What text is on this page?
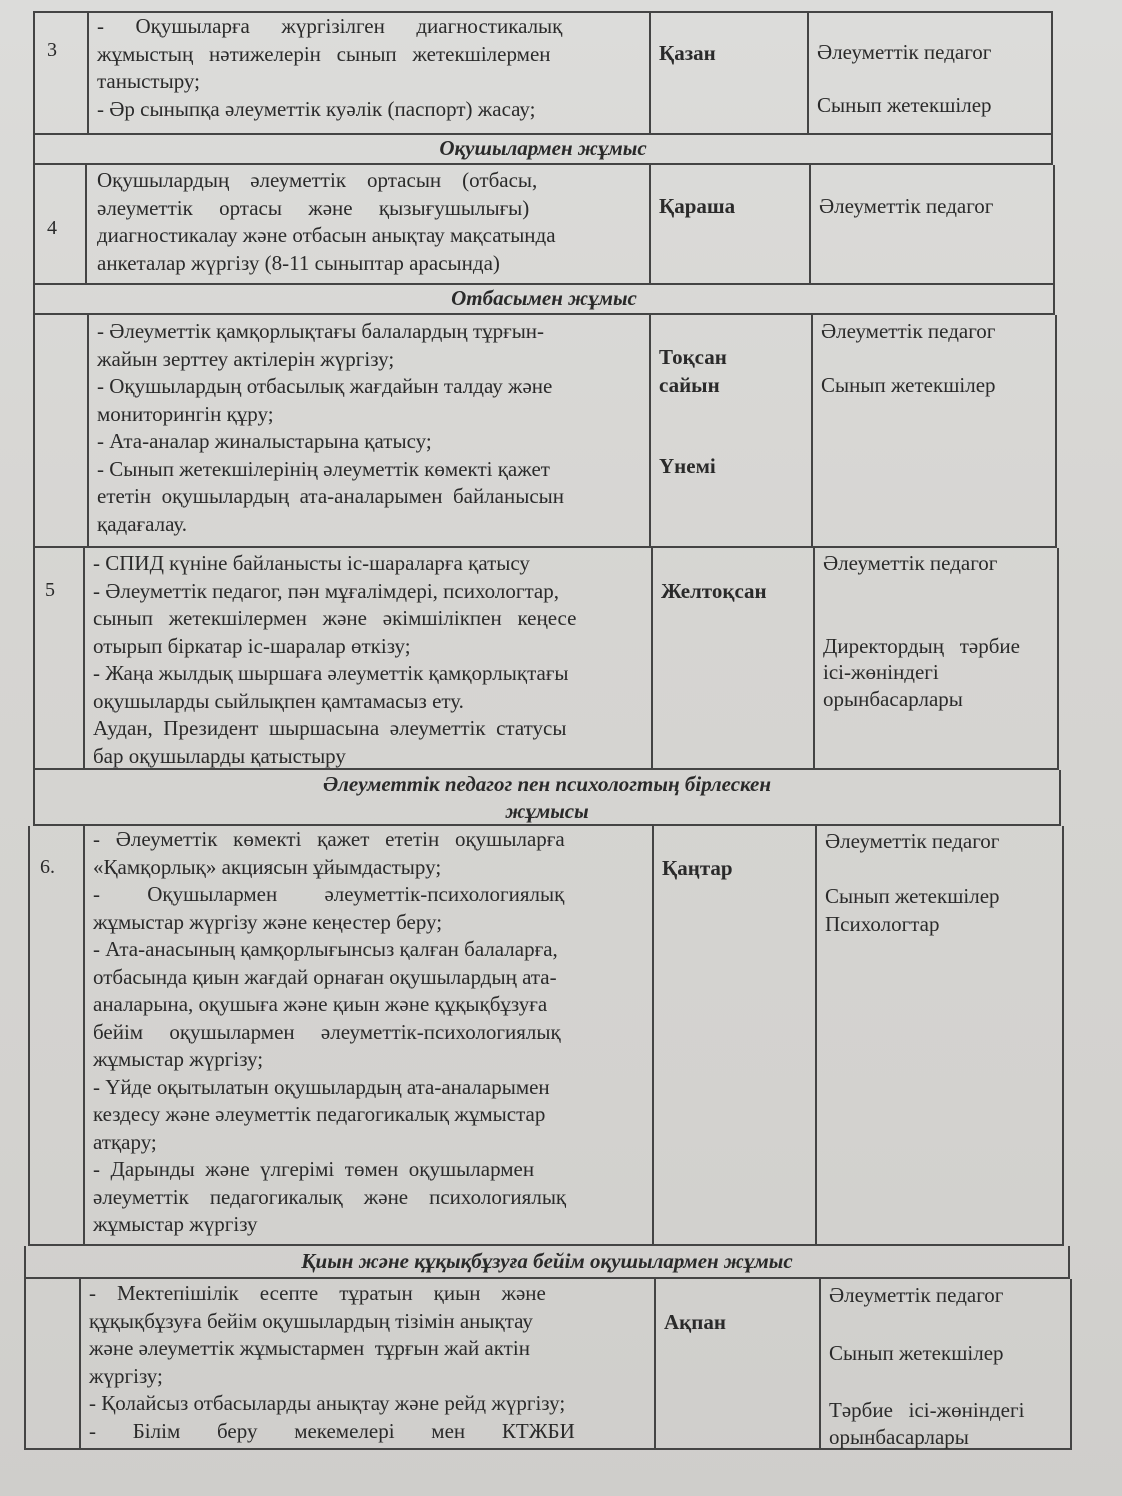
3

-      Оқушыларға      жүргізілген      диагностикалық

жұмыстың   нәтижелерін   сынып   жетекшілермен

таныстыру;

- Әр сыныпқа әлеуметтік куәлік (паспорт) жасау;

Қазан	Әлеуметтік педагог

Сынып жетекшілер

Оқушылармен жұмыс
4

Оқушылардың    әлеуметтік    ортасын    (отбасы,

әлеуметтік     ортасы     және     қызығушылығы)

диагностикалау және отбасын анықтау мақсатында

анкеталар жүргізу (8-11 сыныптар арасында)

Қараша	Әлеуметтік педагог

Отбасымен жұмыс

- Әлеуметтік қамқорлықтағы балалардың тұрғын-

жайын зерттеу актілерін жүргізу;

- Оқушылардың отбасылық жағдайын талдау және

мониторингін құру;

- Ата-аналар жиналыстарына қатысу;

- Сынып жетекшілерінің әлеуметтік көмекті қажет

ететін  оқушылардың  ата-аналарымен  байланысын

қадағалау.

Тоқсан сайын
Үнемі

Әлеуметтік педагог

Сынып жетекшілер

5

- СПИД күніне байланысты іс-шараларға қатысу

- Әлеуметтік педагог, пән мұғалімдері, психологтар,

сынып   жетекшілермен   және   әкімшілікпен   кеңесе

отырып біркатар іс-шаралар өткізу;

- Жаңа жылдық шыршаға әлеуметтік қамқорлықтағы

оқушыларды сыйлықпен қамтамасыз ету.

Аудан,  Президент  шыршасына  әлеуметтік  статусы

бар оқушыларды қатыстыру

Желтоқсан

Әлеуметтік педагог

Директордың   тәрбие

ісі-жөніндегі

орынбасарлары

Әлеуметтік педагог пен психологтың бірлескен

жұмысы

6.

-   Әлеуметтік   көмекті   қажет   ететін   оқушыларға

«Қамқорлық» акциясын ұйымдастыру;

-         Оқушылармен         әлеуметтік-психологиялық

жұмыстар жүргізу және кеңестер беру;

- Ата-анасының қамқорлығынсыз қалған балаларға,

отбасында қиын жағдай орнаған оқушылардың ата-

аналарына, оқушыға және қиын және құқықбұзуға

бейім     оқушылармен     әлеуметтік-психологиялық

жұмыстар жүргізу;

- Үйде оқытылатын оқушылардың ата-аналарымен

кездесу және әлеуметтік педагогикалық жұмыстар

атқару;

-  Дарынды  және  үлгерімі  төмен  оқушылармен

әлеуметтік    педагогикалық    және    психологиялық

жұмыстар жүргізу

Қаңтар

Әлеуметтік педагог

Сынып жетекшілер

Психологтар

Қиын және құқықбұзуға бейім оқушылармен жұмыс

-    Мектепішілік    есепте    тұратын    қиын    және

құқықбұзуға бейім оқушылардың тізімін анықтау

және әлеуметтік жұмыстармен  тұрғын жай актін

жүргізу;

- Қолайсыз отбасыларды анықтау және рейд жүргізу;

-       Білім       беру       мекемелері       мен       КТЖБИ

Ақпан

Әлеуметтік педагог

Сынып жетекшілер

Тәрбие   ісі-жөніндегі

орынбасарлары
